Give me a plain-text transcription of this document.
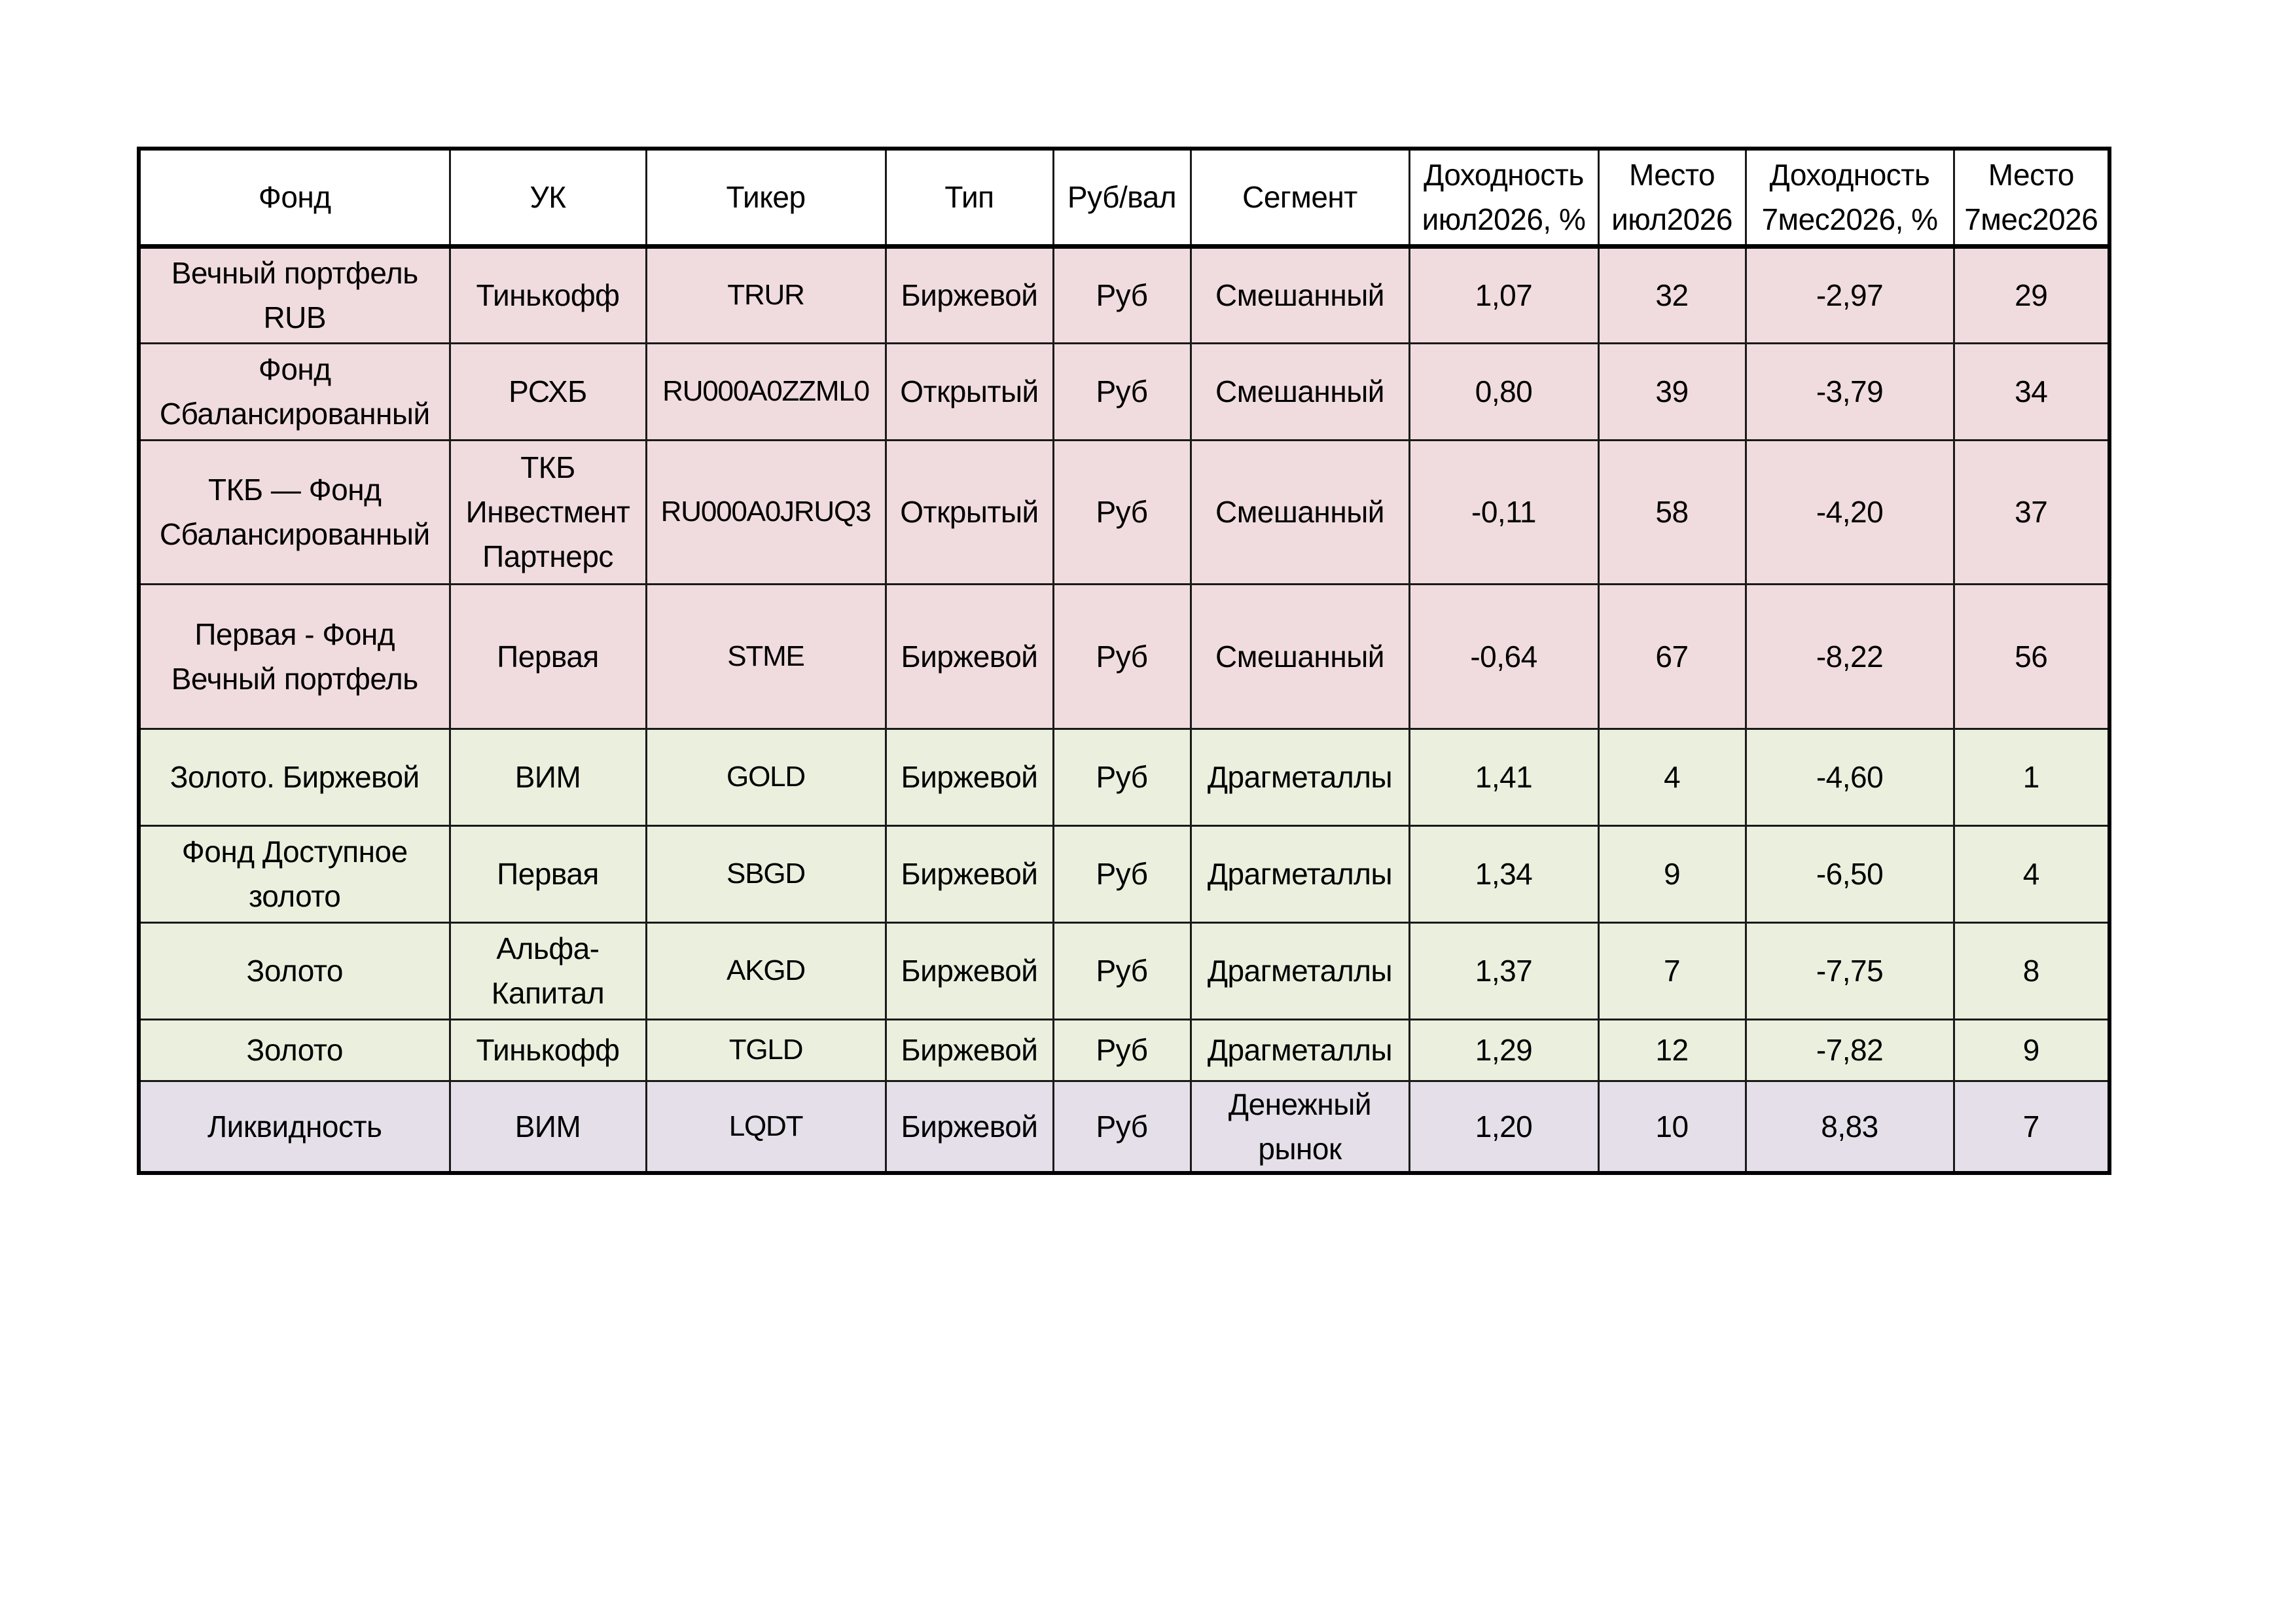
Фонд	УК	Тикер	Тип	Руб/вал	Сегмент	Доходность июл2026, %	Место июл2026	Доходность 7мес2026, %	Место 7мес2026
Вечный портфель RUB	Тинькофф	TRUR	Биржевой	Руб	Смешанный	1,07	32	-2,97	29
Фонд Сбалансированный	РСХБ	RU000A0ZZML0	Открытый	Руб	Смешанный	0,80	39	-3,79	34
ТКБ — Фонд Сбалансированный	ТКБ Инвестмент Партнерс	RU000A0JRUQ3	Открытый	Руб	Смешанный	-0,11	58	-4,20	37
Первая - Фонд Вечный портфель	Первая	STME	Биржевой	Руб	Смешанный	-0,64	67	-8,22	56
Золото. Биржевой	ВИМ	GOLD	Биржевой	Руб	Драгметаллы	1,41	4	-4,60	1
Фонд Доступное золото	Первая	SBGD	Биржевой	Руб	Драгметаллы	1,34	9	-6,50	4
Золото	Альфа-Капитал	AKGD	Биржевой	Руб	Драгметаллы	1,37	7	-7,75	8
Золото	Тинькофф	TGLD	Биржевой	Руб	Драгметаллы	1,29	12	-7,82	9
Ликвидность	ВИМ	LQDT	Биржевой	Руб	Денежный рынок	1,20	10	8,83	7
